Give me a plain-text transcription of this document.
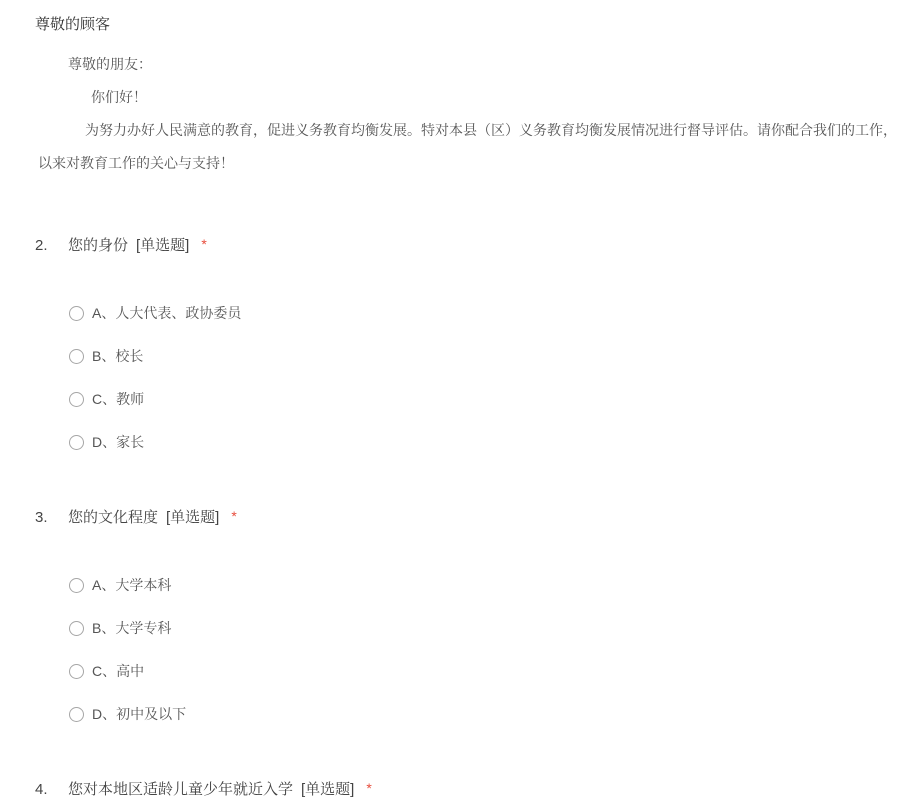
尊敬的顾客
尊敬的朋友：
你们好！
为努力办好人民满意的教育，促进义务教育均衡发展。特对本县（区）义务教育均衡发展情况进行督导评估。请你配合我们的工作，
以来对教育工作的关心与支持！
2. 您的身份 [单选题] *
A、人大代表、政协委员
B、校长
C、教师
D、家长
3. 您的文化程度 [单选题] *
A、大学本科
B、大学专科
C、高中
D、初中及以下
4. 您对本地区适龄儿童少年就近入学 [单选题] *
